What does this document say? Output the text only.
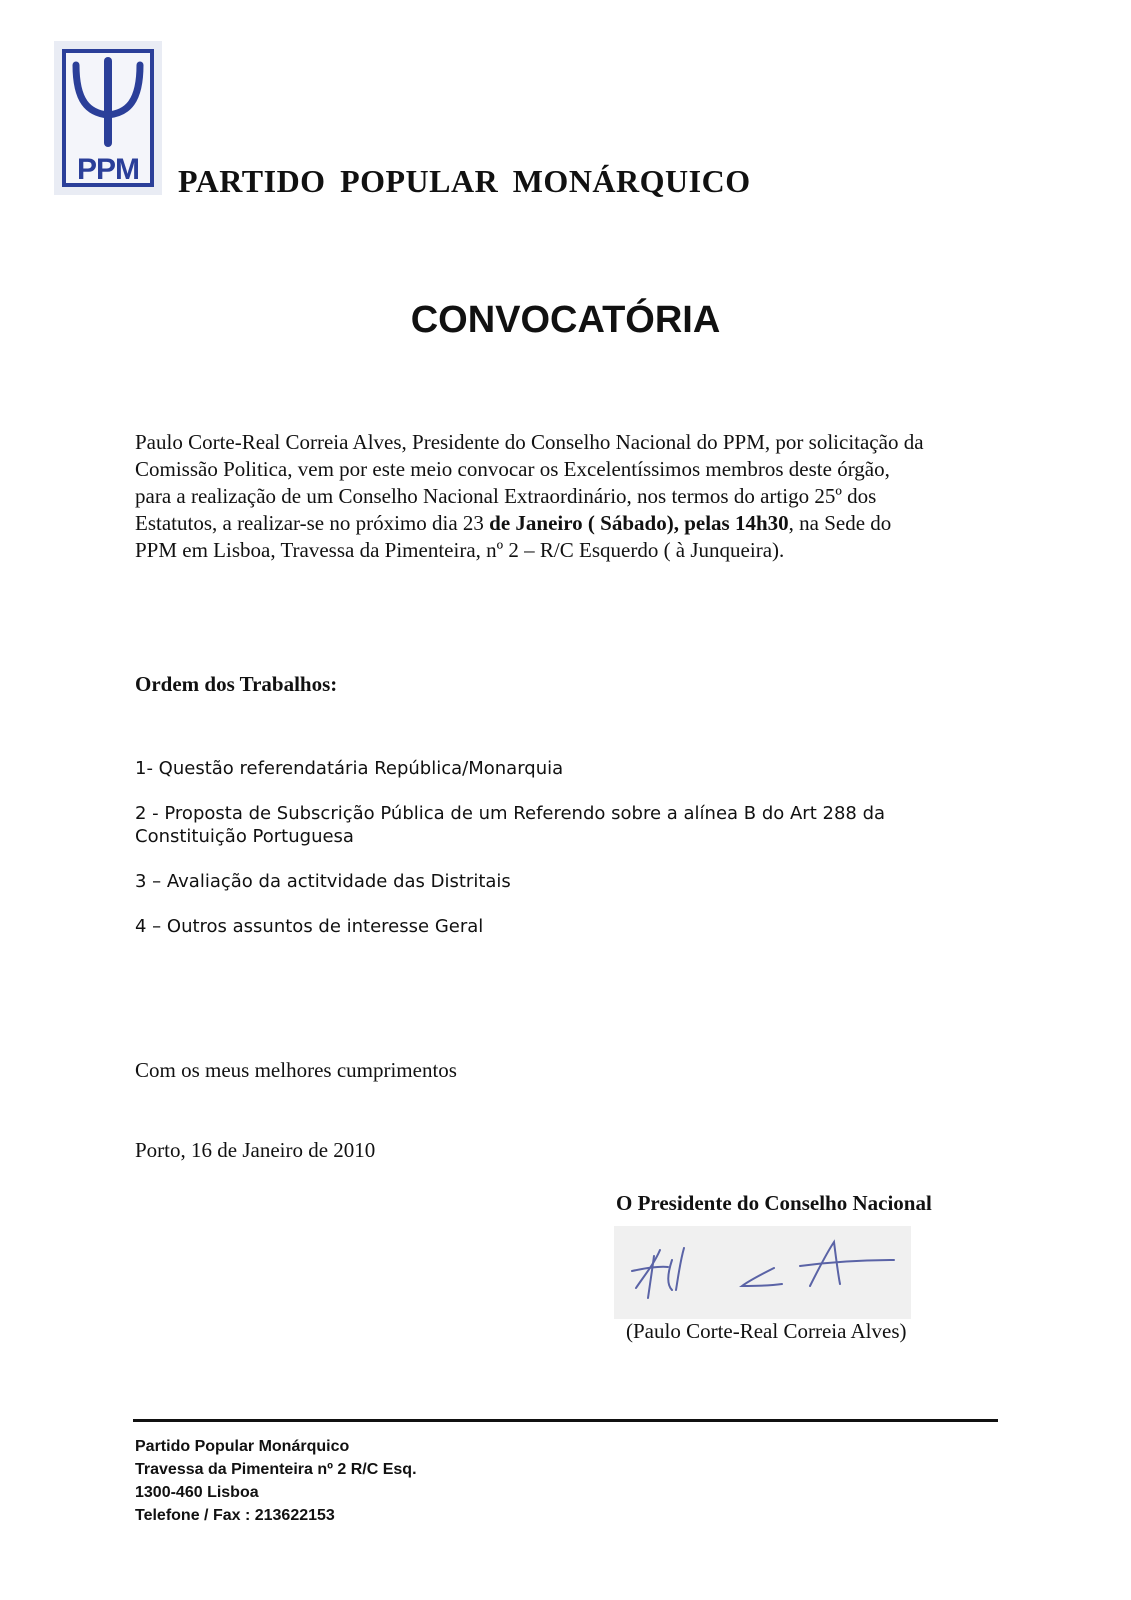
PPM	PARTIDO POPULAR MONÁRQUICO
CONVOCATÓRIA
Paulo Corte-Real Correia Alves, Presidente do Conselho Nacional do PPM, por solicitação da
Comissão Politica, vem por este meio convocar os Excelentíssimos membros deste órgão,
para a realização de um Conselho Nacional Extraordinário, nos termos do artigo 25º dos
Estatutos, a realizar-se no próximo dia 23 de Janeiro ( Sábado), pelas 14h30, na Sede do
PPM em Lisboa, Travessa da Pimenteira, nº 2 – R/C Esquerdo ( à Junqueira).
Ordem dos Trabalhos:
1- Questão referendatária República/Monarquia
2 - Proposta de Subscrição Pública de um Referendo sobre a alínea B do Art 288 da
Constituição Portuguesa
3 – Avaliação da actitvidade das Distritais
4 – Outros assuntos de interesse Geral
Com os meus melhores cumprimentos
Porto, 16 de Janeiro de 2010
O Presidente do Conselho Nacional
(Paulo Corte-Real Correia Alves)
Partido Popular Monárquico
Travessa da Pimenteira nº 2 R/C Esq.
1300-460 Lisboa
Telefone / Fax : 213622153
